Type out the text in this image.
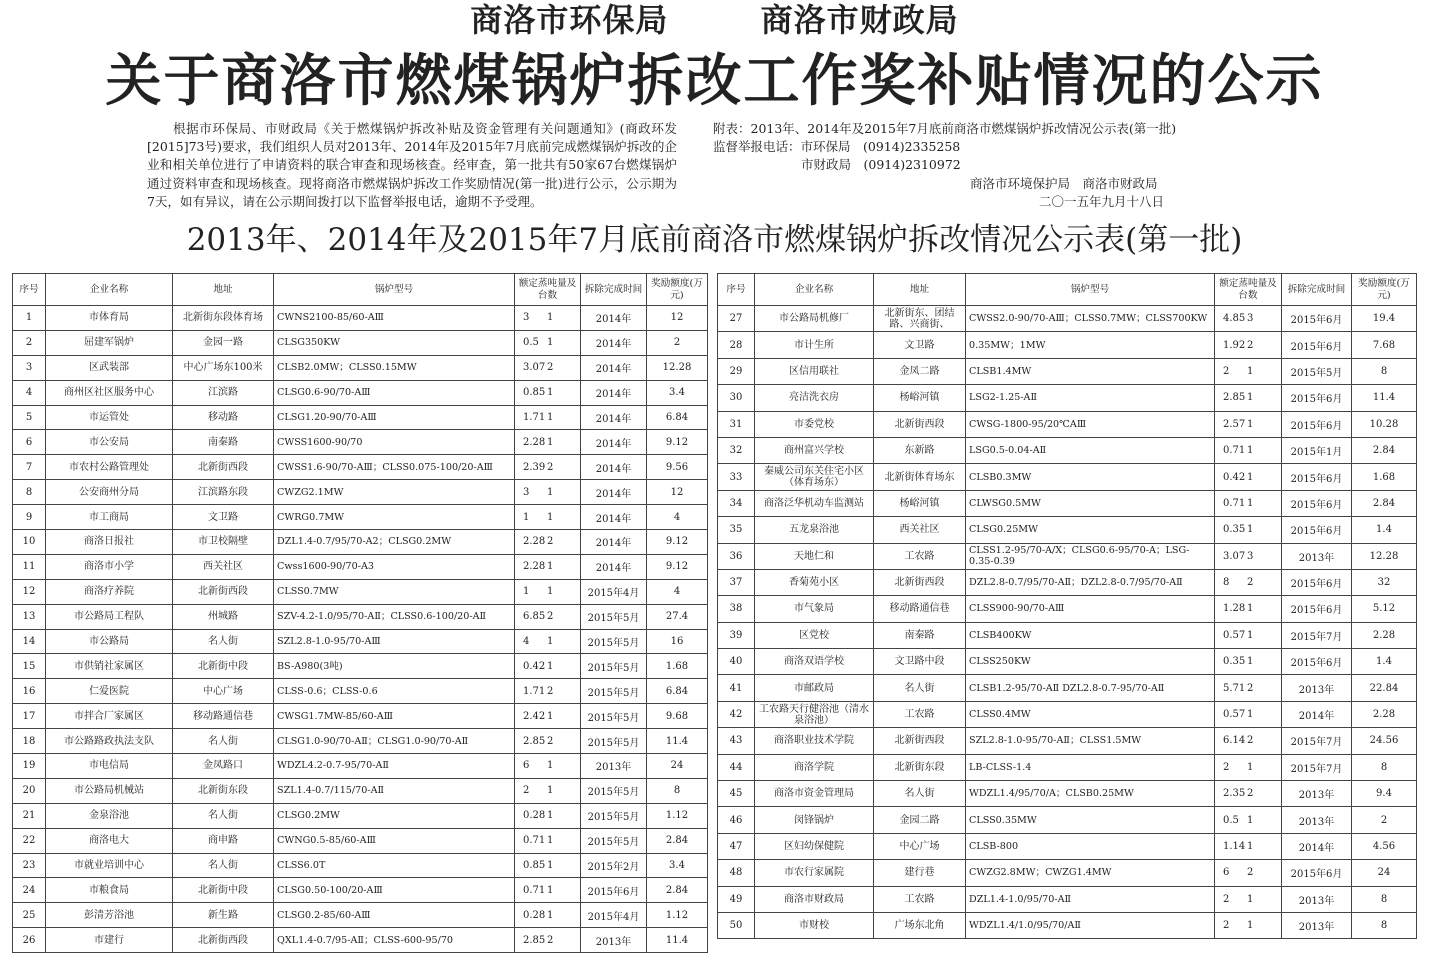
商洛市环保局	商洛市财政局
关于商洛市燃煤锅炉拆改工作奖补贴情况的公示
根据市环保局、市财政局《关于燃煤锅炉拆改补贴及资金管理有关问题通知》(商政环发[2015]73号)要求，我们组织人员对2013年、2014年及2015年7月底前完成燃煤锅炉拆改的企业和相关单位进行了申请资料的联合审查和现场核查。经审查，第一批共有50家67台燃煤锅炉通过资料审查和现场核查。现将商洛市燃煤锅炉拆改工作奖励情况(第一批)进行公示，公示期为7天，如有异议，请在公示期间拨打以下监督举报电话，逾期不予受理。
附表：2013年、2014年及2015年7月底前商洛市燃煤锅炉拆改情况公示表(第一批)
监督举报电话：市环保局　(0914)2335258
市财政局　(0914)2310972
商洛市环境保护局　商洛市财政局
二〇一五年九月十八日
2013年、2014年及2015年7月底前商洛市燃煤锅炉拆改情况公示表(第一批)
序号	企业名称	地址	锅炉型号	额定蒸吨量及台数	拆除完成时间	奖励额度(万元)
1	市体育局	北新街东段体育场	CWNS2100-85/60-AⅢ	3 1	2014年	12
2	屈建军锅炉	金园一路	CLSG350KW	0.5 1	2014年	2
3	区武装部	中心广场东100米	CLSB2.0MW；CLSS0.15MW	3.07 2	2014年	12.28
4	商州区社区服务中心	江滨路	CLSG0.6-90/70-AⅢ	0.85 1	2014年	3.4
5	市运管处	移动路	CLSG1.20-90/70-AⅢ	1.71 1	2014年	6.84
6	市公安局	南秦路	CWSS1600-90/70	2.28 1	2014年	9.12
7	市农村公路管理处	北新街西段	CWSS1.6-90/70-AⅢ；CLSS0.075-100/20-AⅢ	2.39 2	2014年	9.56
8	公安商州分局	江滨路东段	CWZG2.1MW	3 1	2014年	12
9	市工商局	文卫路	CWRG0.7MW	1 1	2014年	4
10	商洛日报社	市卫校隔壁	DZL1.4-0.7/95/70-A2；CLSG0.2MW	2.28 2	2014年	9.12
11	商洛市小学	西关社区	Cwss1600-90/70-A3	2.28 1	2014年	9.12
12	商洛疗养院	北新街西段	CLSS0.7MW	1 1	2015年4月	4
13	市公路局工程队	州城路	SZV-4.2-1.0/95/70-AⅡ；CLSS0.6-100/20-AⅡ	6.85 2	2015年5月	27.4
14	市公路局	名人街	SZL2.8-1.0-95/70-AⅢ	4 1	2015年5月	16
15	市供销社家属区	北新街中段	BS-A980(3吨)	0.42 1	2015年5月	1.68
16	仁爱医院	中心广场	CLSS-0.6；CLSS-0.6	1.71 2	2015年5月	6.84
17	市拌合厂家属区	移动路通信巷	CWSG1.7MW-85/60-AⅢ	2.42 1	2015年5月	9.68
18	市公路路政执法支队	名人街	CLSG1.0-90/70-AⅡ；CLSG1.0-90/70-AⅡ	2.85 2	2015年5月	11.4
19	市电信局	金凤路口	WDZL4.2-0.7-95/70-AⅡ	6 1	2013年	24
20	市公路局机械站	北新街东段	SZL1.4-0.7/115/70-AⅡ	2 1	2015年5月	8
21	金泉浴池	名人街	CLSG0.2MW	0.28 1	2015年5月	1.12
22	商洛电大	商申路	CWNG0.5-85/60-AⅢ	0.71 1	2015年5月	2.84
23	市就业培训中心	名人街	CLSS6.0T	0.85 1	2015年2月	3.4
24	市粮食局	北新街中段	CLSG0.50-100/20-AⅢ	0.71 1	2015年6月	2.84
25	彭清芳浴池	新生路	CLSG0.2-85/60-AⅢ	0.28 1	2015年4月	1.12
26	市建行	北新街西段	QXL1.4-0.7/95-AⅡ；CLSS-600-95/70	2.85 2	2013年	11.4
序号	企业名称	地址	锅炉型号	额定蒸吨量及台数	拆除完成时间	奖励额度(万元)
27	市公路局机修厂	北新街东、团结路、兴商街、	CWSS2.0-90/70-AⅢ；CLSS0.7MW；CLSS700KW	4.85 3	2015年6月	19.4
28	市计生所	文卫路	0.35MW；1MW	1.92 2	2015年6月	7.68
29	区信用联社	金凤二路	CLSB1.4MW	2 1	2015年5月	8
30	亮洁洗衣房	杨峪河镇	LSG2-1.25-AⅡ	2.85 1	2015年6月	11.4
31	市委党校	北新街西段	CWSG-1800-95/20℃AⅢ	2.57 1	2015年6月	10.28
32	商州富兴学校	东新路	LSG0.5-0.04-AⅡ	0.71 1	2015年1月	2.84
33	秦威公司东关住宅小区（体育场东）	北新街体育场东	CLSB0.3MW	0.42 1	2015年6月	1.68
34	商洛泛华机动车监测站	杨峪河镇	CLWSG0.5MW	0.71 1	2015年6月	2.84
35	五龙泉浴池	西关社区	CLSG0.25MW	0.35 1	2015年6月	1.4
36	天地仁和	工农路	CLSS1.2-95/70-A/X；CLSG0.6-95/70-A；LSG-0.35-0.39	3.07 3	2013年	12.28
37	香菊苑小区	北新街西段	DZL2.8-0.7/95/70-AⅡ；DZL2.8-0.7/95/70-AⅡ	8 2	2015年6月	32
38	市气象局	移动路通信巷	CLSS900-90/70-AⅢ	1.28 1	2015年6月	5.12
39	区党校	南秦路	CLSB400KW	0.57 1	2015年7月	2.28
40	商洛双语学校	文卫路中段	CLSS250KW	0.35 1	2015年6月	1.4
41	市邮政局	名人街	CLSB1.2-95/70-AⅡ DZL2.8-0.7-95/70-AⅡ	5.71 2	2013年	22.84
42	工农路天行健浴池（清水泉浴池）	工农路	CLSS0.4MW	0.57 1	2014年	2.28
43	商洛职业技术学院	北新街西段	SZL2.8-1.0-95/70-AⅡ；CLSS1.5MW	6.14 2	2015年7月	24.56
44	商洛学院	北新街东段	LB-CLSS-1.4	2 1	2015年7月	8
45	商洛市资金管理局	名人街	WDZL1.4/95/70/A；CLSB0.25MW	2.35 2	2013年	9.4
46	闵锋锅炉	金园二路	CLSS0.35MW	0.5 1	2013年	2
47	区妇幼保健院	中心广场	CLSB-800	1.14 1	2014年	4.56
48	市农行家属院	建行巷	CWZG2.8MW；CWZG1.4MW	6 2	2015年6月	24
49	商洛市财政局	工农路	DZL1.4-1.0/95/70-AⅡ	2 1	2013年	8
50	市财校	广场东北角	WDZL1.4/1.0/95/70/AⅡ	2 1	2013年	8
